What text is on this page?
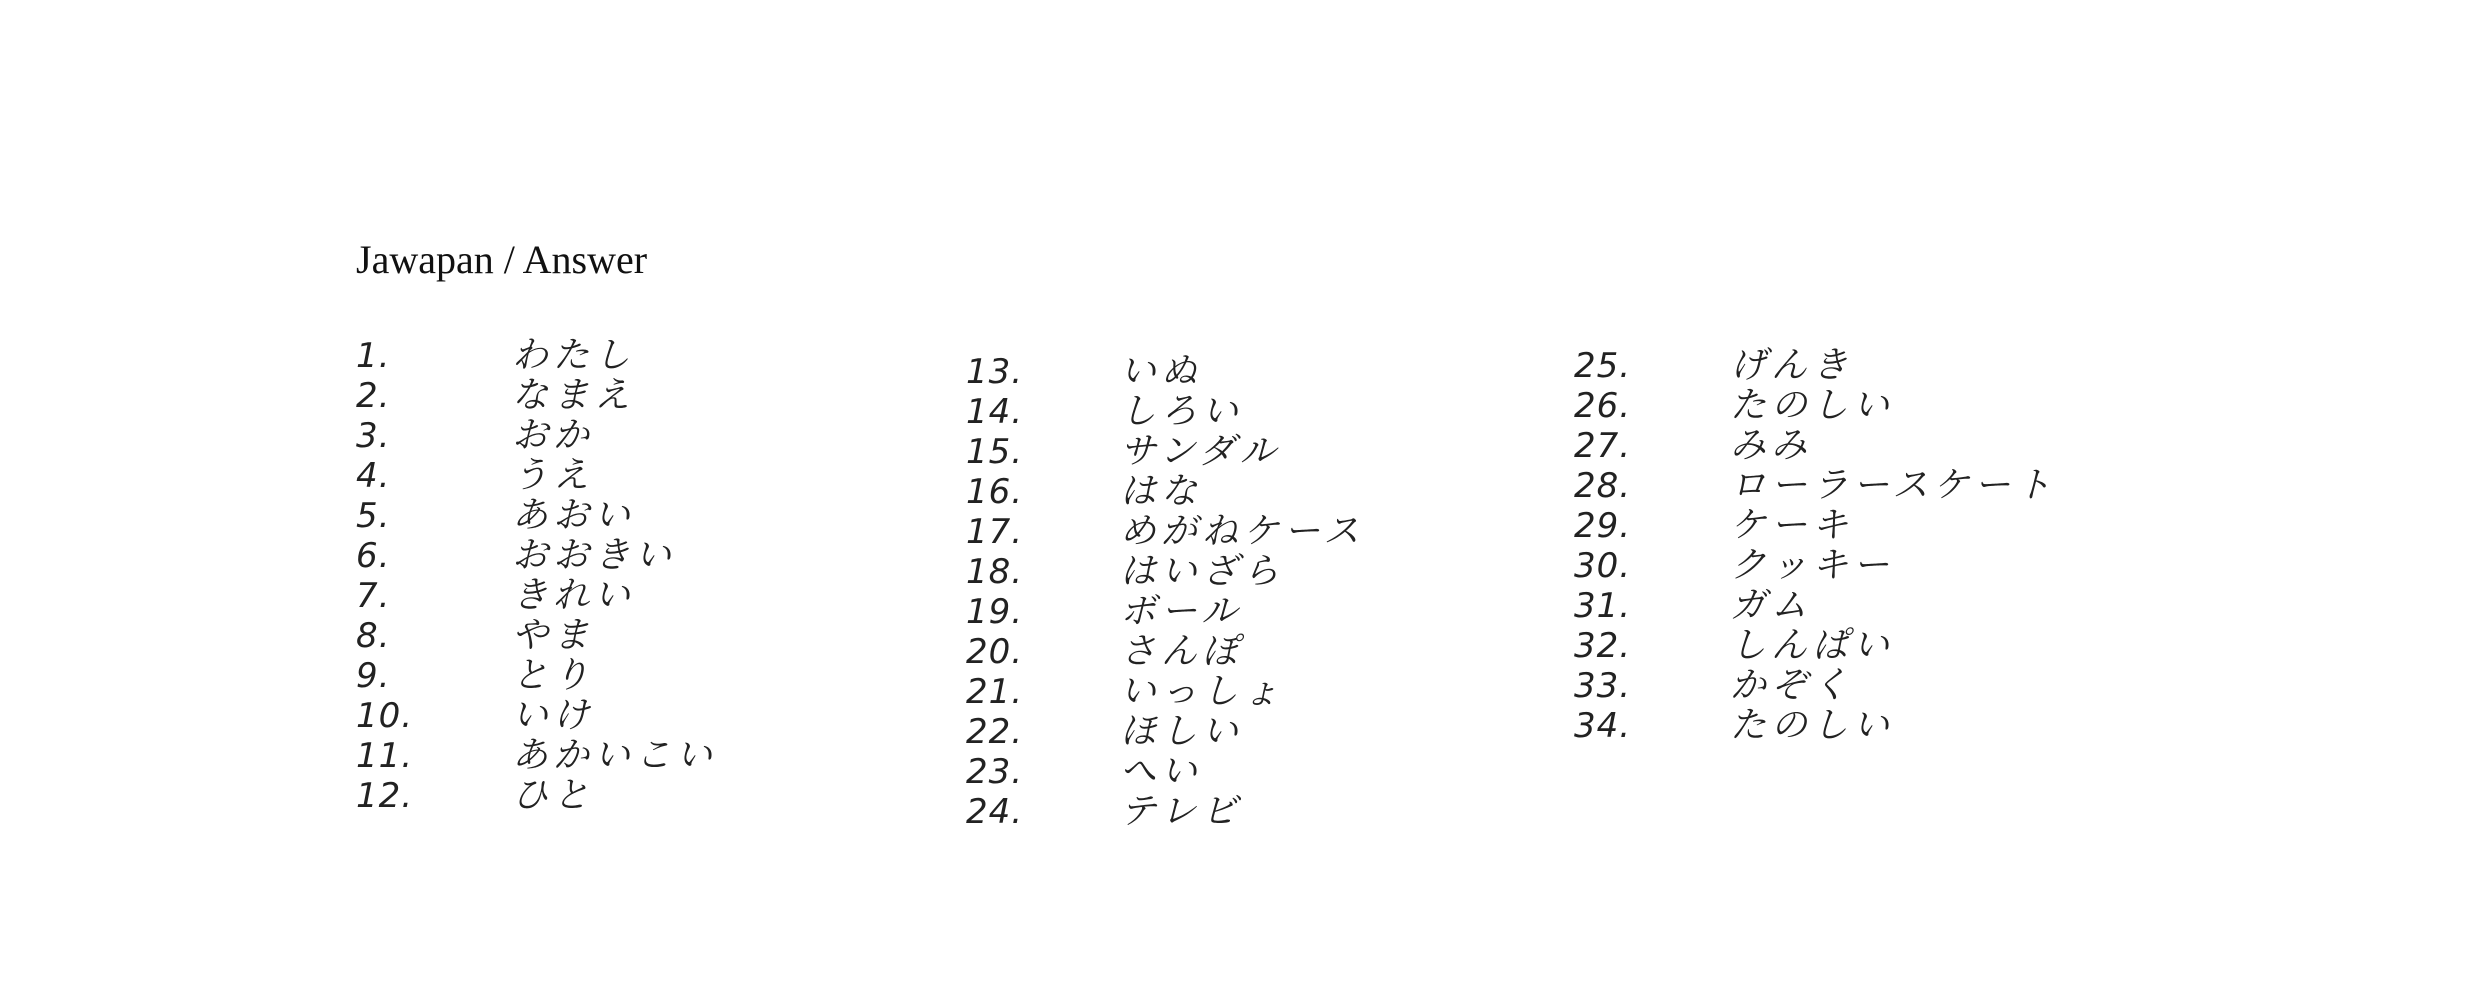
Jawapan / Answer
1.	わたし
2.	なまえ
3.	おか
4.	うえ
5.	あおい
6.	おおきい
7.	きれい
8.	やま
9.	とり
10.	いけ
11.	あかいこい
12.	ひと
13.	いぬ
14.	しろい
15.	サンダル
16.	はな
17.	めがねケース
18.	はいざら
19.	ボール
20.	さんぽ
21.	いっしょ
22.	ほしい
23.	へい
24.	テレビ
25.	げんき
26.	たのしい
27.	みみ
28.	ローラースケート
29.	ケーキ
30.	クッキー
31.	ガム
32.	しんぱい
33.	かぞく
34.	たのしい
